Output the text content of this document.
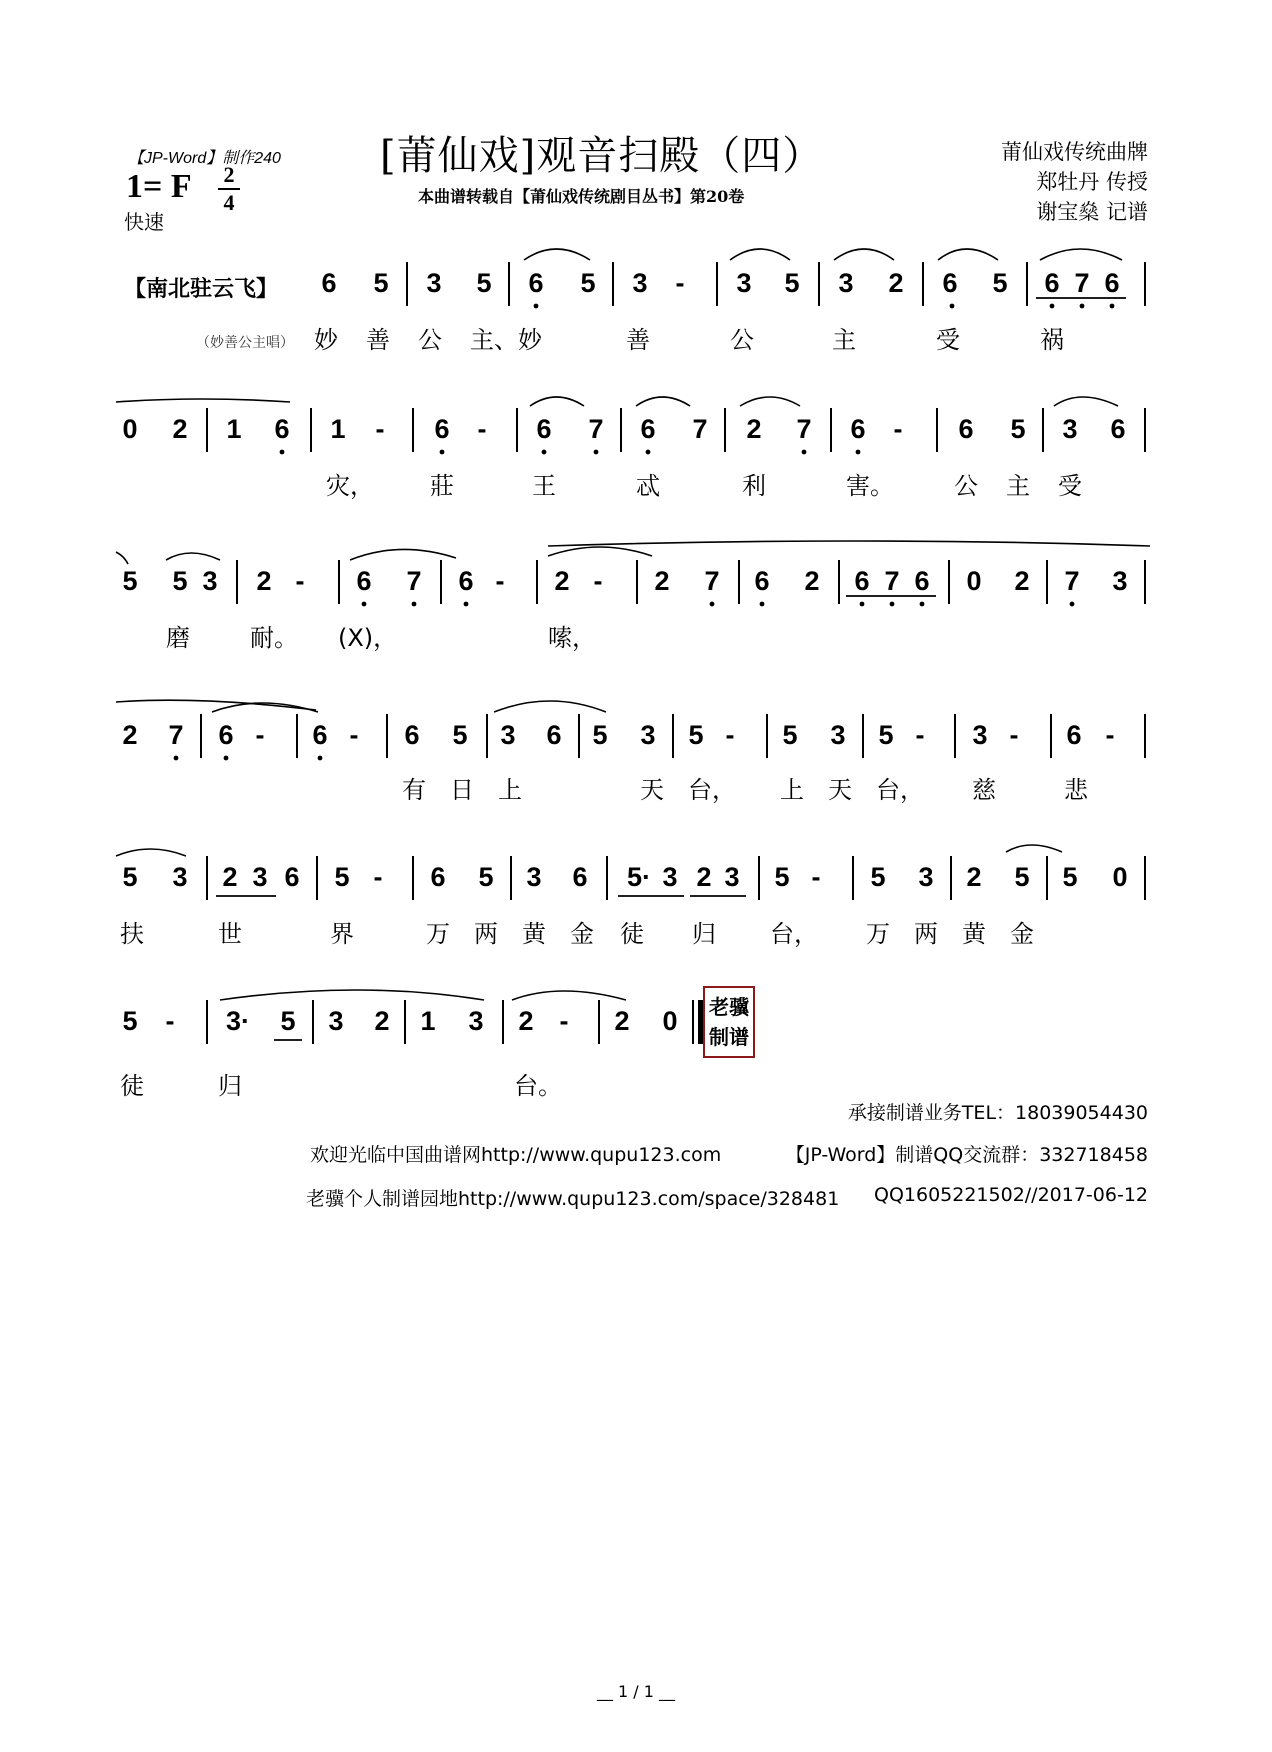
【JP-Word】制作240
1= F 2
4
快速
[莆仙戏]观音扫殿（四）
本曲谱转载自【莆仙戏传统剧目丛书】第20卷
莆仙戏传统曲牌
郑牡丹 传授
谢宝燊 记谱
【南北驻云飞】
（妙善公主唱）
6 5 3 5 6 5 3	-	3 5 3 2 6 5 6 7 6
妙 善 公 主、妙	善	公	主	受	祸
0 2 1 6 1	-	6	-	6 7 6 7 2 7 6	-	6 5 3 6
灾， 莊	王	忒	利	害。	公 主 受
5 5 3 2 -	6 7 6 -	2 -	2 7 6 2 6 7 6 0 2 7 3
磨	耐。 (X)，	嗦，
2 7 6 -	6 -	6 5 3 6 5 3 5 -	5 3 5 -	3 -	6 -
有 日 上	天 台， 上 天 台， 慈	悲
5 3 2 3 6 5 -	6 5 3 6	5· 3 2 3 5 -	5 3 2 5 5 0
扶	世	界	万 两 黄 金 徒 归 台， 万 两 黄 金
5	-	3· 5 3 2 1 3 2 -	2 0
徒	归	台。
老骥
制谱
承接制谱业务TEL：18039054430
欢迎光临中国曲谱网http://www.qupu123.com	【JP-Word】制谱QQ交流群：332718458
老骥个人制谱园地http://www.qupu123.com/space/328481 QQ1605221502//2017-06-12
__ 1 / 1 __
